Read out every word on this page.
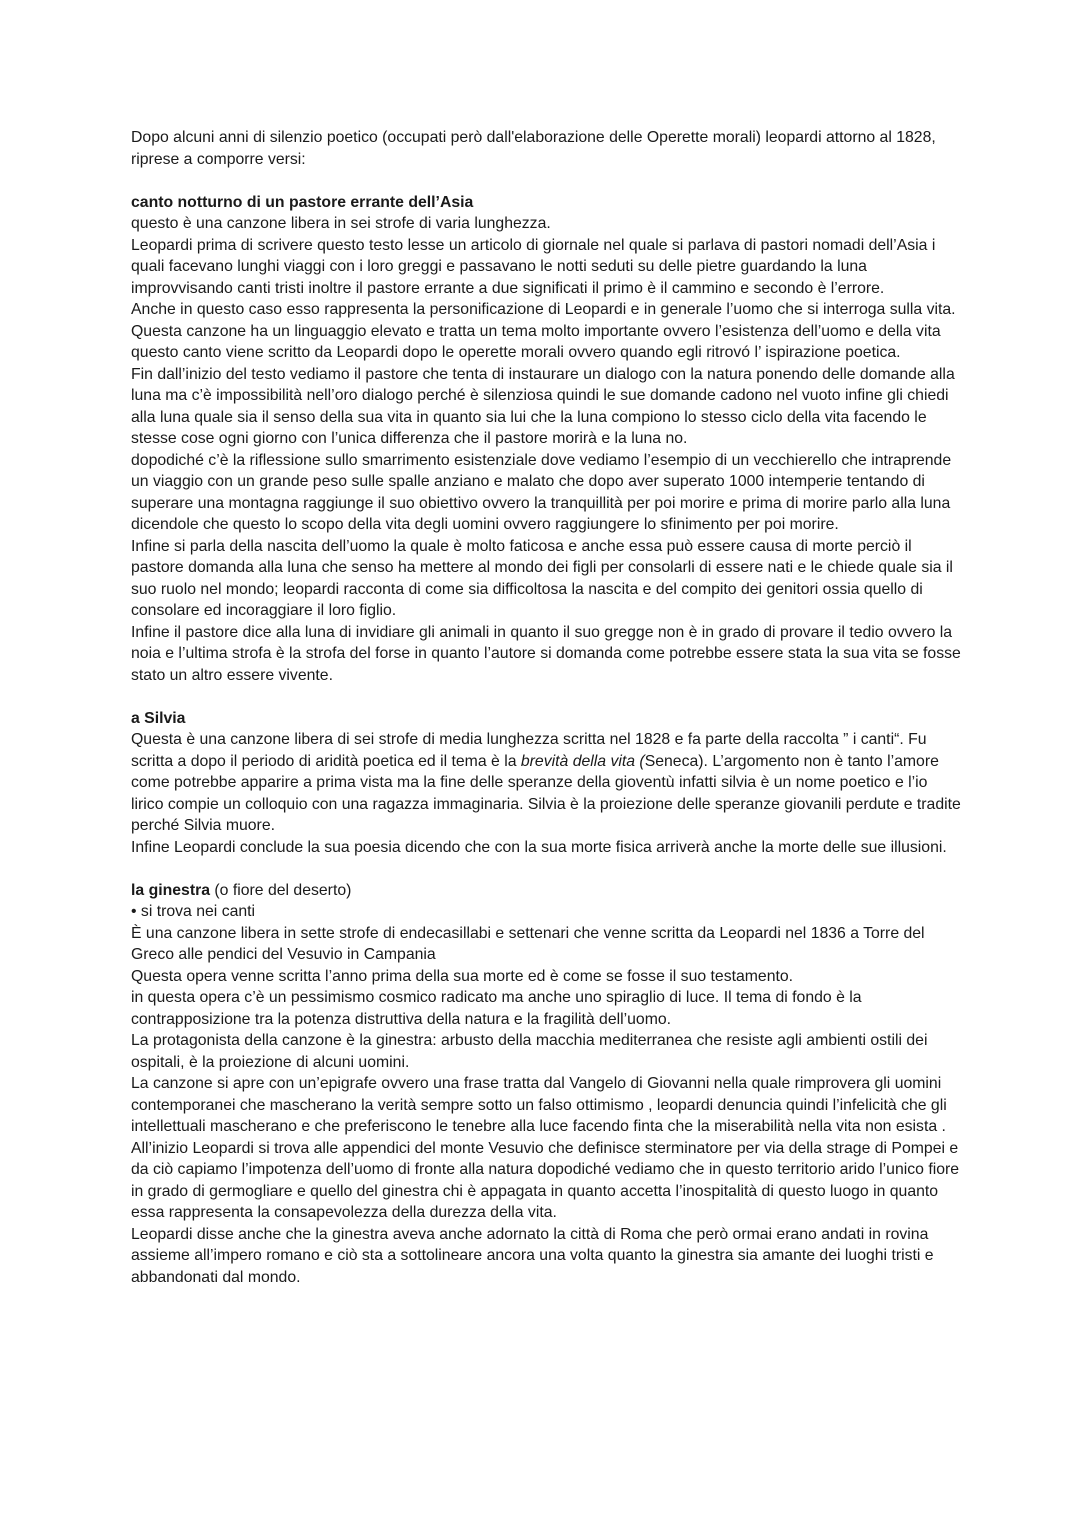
Dopo alcuni anni di silenzio poetico (occupati però dall'elaborazione delle Operette morali) leopardi attorno al 1828, riprese a comporre versi:

canto notturno di un pastore errante dell’Asia

questo è una canzone libera in sei strofe di varia lunghezza.

Leopardi prima di scrivere questo testo lesse un articolo di giornale nel quale si parlava di pastori nomadi dell’Asia i quali facevano lunghi viaggi con i loro greggi e passavano le notti seduti su delle pietre guardando la luna improvvisando canti tristi inoltre il pastore errante a due significati il primo è il cammino e secondo è l’errore.

Anche in questo caso esso rappresenta la personificazione di Leopardi e in generale l’uomo che si interroga sulla vita. Questa canzone ha un linguaggio elevato e tratta un tema molto importante ovvero l’esistenza dell’uomo e della vita questo canto viene scritto da Leopardi dopo le operette morali ovvero quando egli ritrovó l’ ispirazione poetica.

Fin dall’inizio del testo vediamo il pastore che tenta di instaurare un dialogo con la natura ponendo delle domande alla luna ma c’è impossibilità nell’oro dialogo perché è silenziosa quindi le sue domande cadono nel vuoto infine gli chiedi alla luna quale sia il senso della sua vita in quanto sia lui che la luna compiono lo stesso ciclo della vita facendo le stesse cose ogni giorno con l’unica differenza che il pastore morirà e la luna no.

dopodiché c’è la riflessione sullo smarrimento esistenziale dove vediamo l’esempio di un vecchierello che intraprende un viaggio con un grande peso sulle spalle anziano e malato che dopo aver superato 1000 intemperie tentando di superare una montagna raggiunge il suo obiettivo ovvero la tranquillità per poi morire e prima di morire parlo alla luna dicendole che questo lo scopo della vita degli uomini ovvero raggiungere lo sfinimento per poi morire.

Infine si parla della nascita dell’uomo la quale è molto faticosa e anche essa può essere causa di morte perciò il pastore domanda alla luna che senso ha mettere al mondo dei figli per consolarli di essere nati e le chiede quale sia il suo ruolo nel mondo; leopardi racconta di come sia difficoltosa la nascita e del compito dei genitori ossia quello di consolare ed incoraggiare il loro figlio.

Infine il pastore dice alla luna di invidiare gli animali in quanto il suo gregge non è in grado di provare il tedio ovvero la noia e l’ultima strofa è la strofa del forse in quanto l’autore si domanda come potrebbe essere stata la sua vita se fosse stato un altro essere vivente.

a Silvia

Questa è una canzone libera di sei strofe di media lunghezza scritta nel 1828 e fa parte della raccolta ” i canti“. Fu scritta a dopo il periodo di aridità poetica ed il tema è la brevità della vita (Seneca). L’argomento non è tanto l’amore come potrebbe apparire a prima vista ma la fine delle speranze della gioventù infatti silvia è un nome poetico e l’io lirico compie un colloquio con una ragazza immaginaria. Silvia è la proiezione delle speranze giovanili perdute e tradite perché Silvia muore.

Infine Leopardi conclude la sua poesia dicendo che con la sua morte fisica arriverà anche la morte delle sue illusioni.

la ginestra (o fiore del deserto)

• si trova nei canti

È una canzone libera in sette strofe di endecasillabi e settenari che venne scritta da Leopardi nel 1836 a Torre del Greco alle pendici del Vesuvio in Campania

Questa opera venne scritta l’anno prima della sua morte ed è come se fosse il suo testamento.

in questa opera c’è un pessimismo cosmico radicato ma anche uno spiraglio di luce. Il tema di fondo è la contrapposizione tra la potenza distruttiva della natura e la fragilità dell’uomo.

La protagonista della canzone è la ginestra: arbusto della macchia mediterranea che resiste agli ambienti ostili dei ospitali, è la proiezione di alcuni uomini.

La canzone si apre con un’epigrafe ovvero una frase tratta dal Vangelo di Giovanni nella quale rimprovera gli uomini contemporanei che mascherano la verità sempre sotto un falso ottimismo , leopardi denuncia quindi l’infelicità che gli intellettuali mascherano e che preferiscono le tenebre alla luce facendo finta che la miserabilità nella vita non esista .

All’inizio Leopardi si trova alle appendici del monte Vesuvio che definisce sterminatore per via della strage di Pompei e da ciò capiamo l’impotenza dell’uomo di fronte alla natura dopodiché vediamo che in questo territorio arido l’unico fiore in grado di germogliare e quello del ginestra chi è appagata in quanto accetta l’inospitalità di questo luogo in quanto essa rappresenta la consapevolezza della durezza della vita.

Leopardi disse anche che la ginestra aveva anche adornato la città di Roma che però ormai erano andati in rovina assieme all’impero romano e ciò sta a sottolineare ancora una volta quanto la ginestra sia amante dei luoghi tristi e abbandonati dal mondo.
